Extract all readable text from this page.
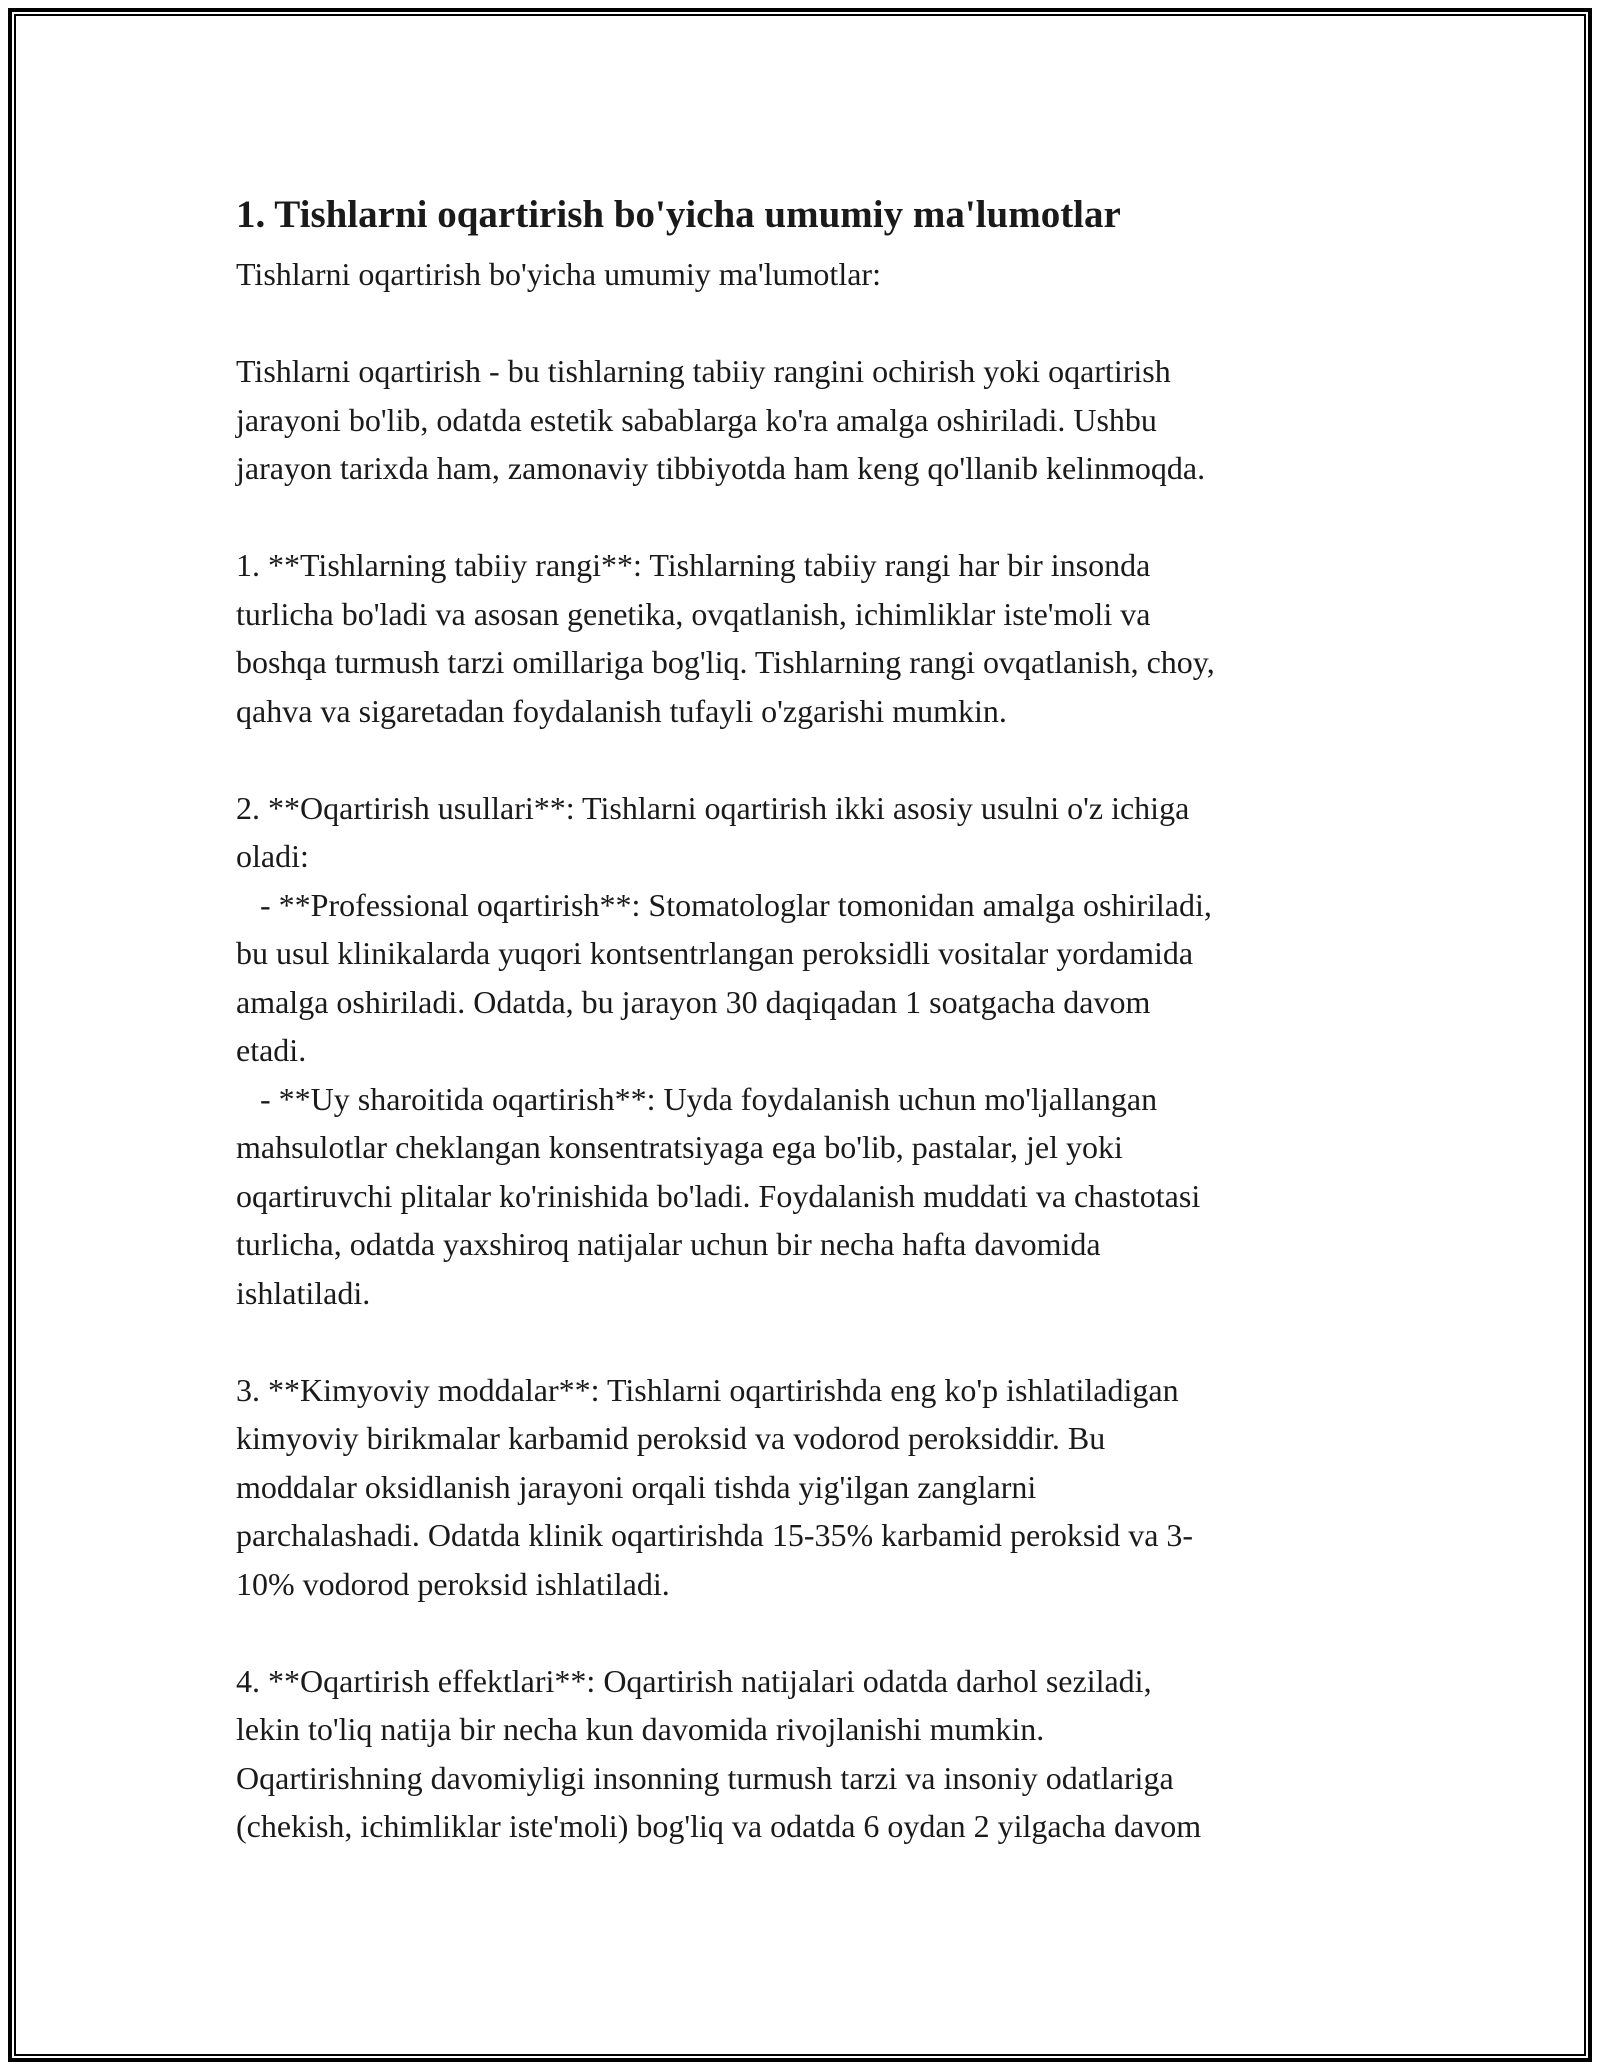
1. Tishlarni oqartirish bo'yicha umumiy ma'lumotlar
Tishlarni oqartirish bo'yicha umumiy ma'lumotlar:
Tishlarni oqartirish - bu tishlarning tabiiy rangini ochirish yoki oqartirish
jarayoni bo'lib, odatda estetik sabablarga ko'ra amalga oshiriladi. Ushbu
jarayon tarixda ham, zamonaviy tibbiyotda ham keng qo'llanib kelinmoqda.
1. **Tishlarning tabiiy rangi**: Tishlarning tabiiy rangi har bir insonda
turlicha bo'ladi va asosan genetika, ovqatlanish, ichimliklar iste'moli va
boshqa turmush tarzi omillariga bog'liq. Tishlarning rangi ovqatlanish, choy,
qahva va sigaretadan foydalanish tufayli o'zgarishi mumkin.
2. **Oqartirish usullari**: Tishlarni oqartirish ikki asosiy usulni o'z ichiga
oladi:
- **Professional oqartirish**: Stomatologlar tomonidan amalga oshiriladi,
bu usul klinikalarda yuqori kontsentrlangan peroksidli vositalar yordamida
amalga oshiriladi. Odatda, bu jarayon 30 daqiqadan 1 soatgacha davom
etadi.
- **Uy sharoitida oqartirish**: Uyda foydalanish uchun mo'ljallangan
mahsulotlar cheklangan konsentratsiyaga ega bo'lib, pastalar, jel yoki
oqartiruvchi plitalar ko'rinishida bo'ladi. Foydalanish muddati va chastotasi
turlicha, odatda yaxshiroq natijalar uchun bir necha hafta davomida
ishlatiladi.
3. **Kimyoviy moddalar**: Tishlarni oqartirishda eng ko'p ishlatiladigan
kimyoviy birikmalar karbamid peroksid va vodorod peroksiddir. Bu
moddalar oksidlanish jarayoni orqali tishda yig'ilgan zanglarni
parchalashadi. Odatda klinik oqartirishda 15-35% karbamid peroksid va 3-
10% vodorod peroksid ishlatiladi.
4. **Oqartirish effektlari**: Oqartirish natijalari odatda darhol seziladi,
lekin to'liq natija bir necha kun davomida rivojlanishi mumkin.
Oqartirishning davomiyligi insonning turmush tarzi va insoniy odatlariga
(chekish, ichimliklar iste'moli) bog'liq va odatda 6 oydan 2 yilgacha davom
